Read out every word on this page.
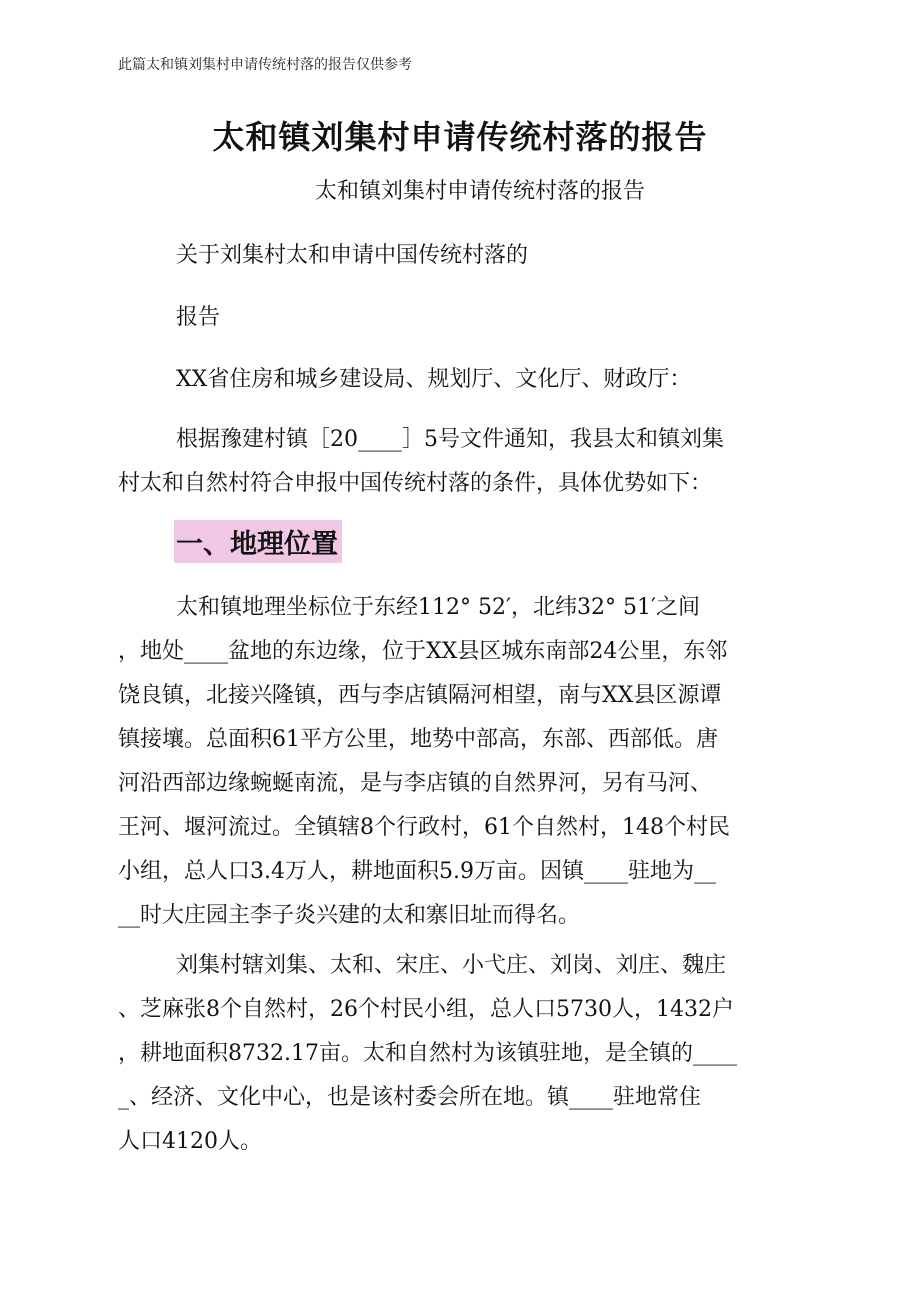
此篇太和镇刘集村申请传统村落的报告仅供参考
太和镇刘集村申请传统村落的报告
太和镇刘集村申请传统村落的报告
关于刘集村太和申请中国传统村落的
报告
XX省住房和城乡建设局、规划厅、文化厅、财政厅：
根据豫建村镇［20____］5号文件通知，我县太和镇刘集
村太和自然村符合申报中国传统村落的条件，具体优势如下：
一、地理位置
太和镇地理坐标位于东经112° 52′，北纬32° 51′之间
，地处____盆地的东边缘，位于XX县区城东南部24公里，东邻
饶良镇，北接兴隆镇，西与李店镇隔河相望，南与XX县区源谭
镇接壤。总面积61平方公里，地势中部高，东部、西部低。唐
河沿西部边缘蜿蜒南流，是与李店镇的自然界河，另有马河、
王河、堰河流过。全镇辖8个行政村，61个自然村，148个村民
小组，总人口3.4万人，耕地面积5.9万亩。因镇____驻地为__
__时大庄园主李子炎兴建的太和寨旧址而得名。
刘集村辖刘集、太和、宋庄、小弋庄、刘岗、刘庄、魏庄
、芝麻张8个自然村，26个村民小组，总人口5730人，1432户
，耕地面积8732.17亩。太和自然村为该镇驻地，是全镇的____
_、经济、文化中心，也是该村委会所在地。镇____驻地常住
人口4120人。
